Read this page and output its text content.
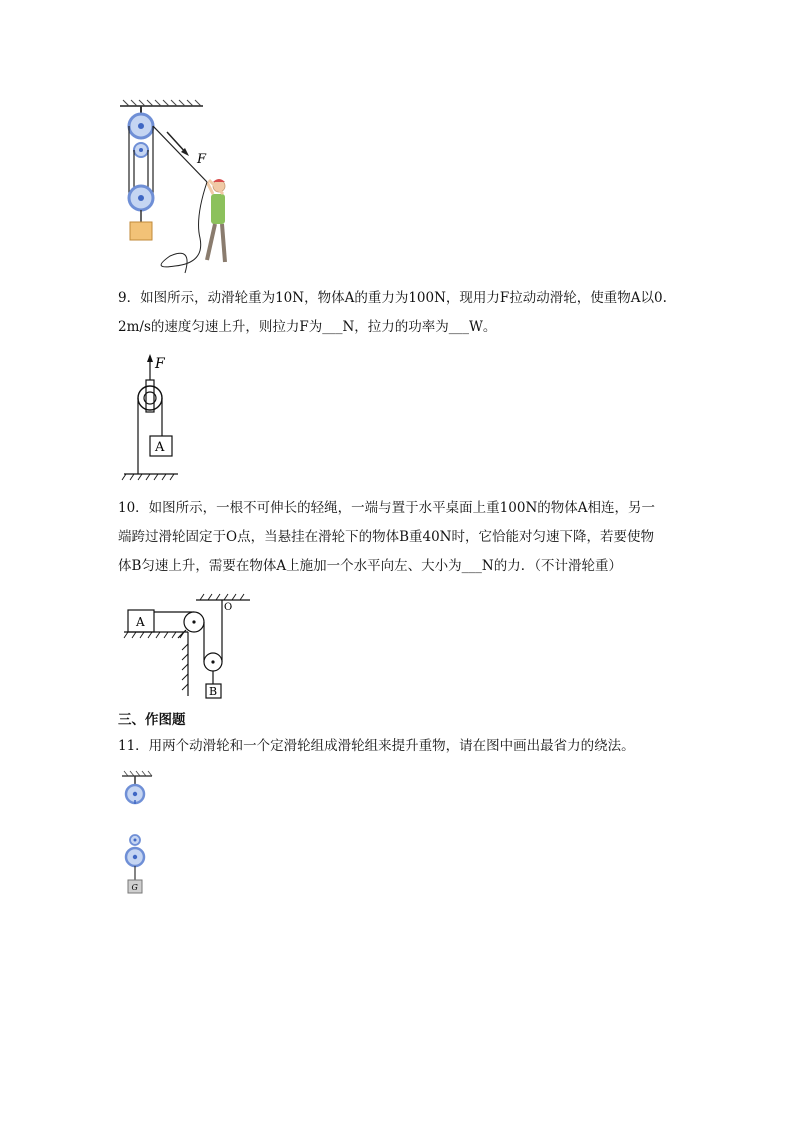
F
9．如图所示，动滑轮重为10N，物体A的重力为100N，现用力F拉动动滑轮，使重物A以0.
2m/s的速度匀速上升，则拉力F为___N，拉力的功率为___W。
F
A
10．如图所示，一根不可伸长的轻绳，一端与置于水平桌面上重100N的物体A相连，另一
端跨过滑轮固定于O点，当悬挂在滑轮下的物体B重40N时，它恰能对匀速下降，若要使物
体B匀速上升，需要在物体A上施加一个水平向左、大小为___N的力．（不计滑轮重）
O
A
B
三、作图题
11．用两个动滑轮和一个定滑轮组成滑轮组来提升重物，请在图中画出最省力的绕法。
G
